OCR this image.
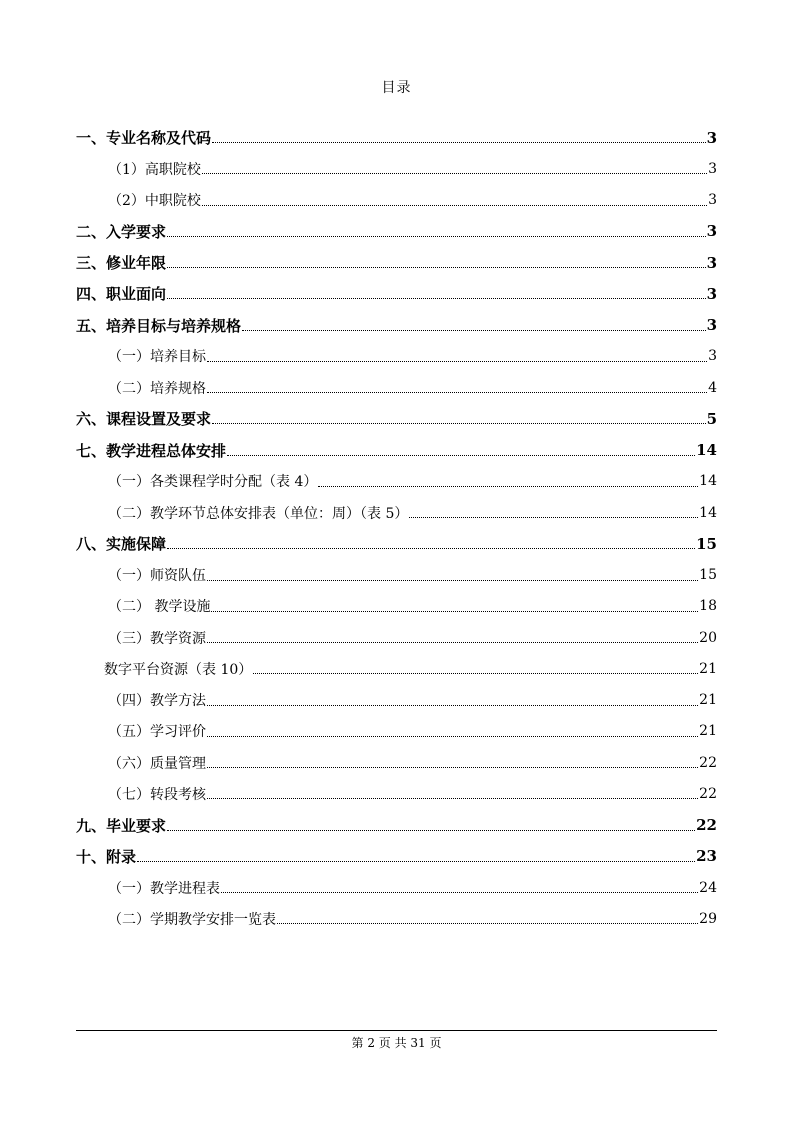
目录
一、专业名称及代码	3
（1）高职院校	3
（2）中职院校	3
二、入学要求	3
三、修业年限	3
四、职业面向	3
五、培养目标与培养规格	3
（一）培养目标	3
（二）培养规格	4
六、课程设置及要求	5
七、教学进程总体安排	14
（一）各类课程学时分配（表 4）	14
（二）教学环节总体安排表（单位：周）（表 5）	14
八、实施保障	15
（一）师资队伍	15
（二） 教学设施	18
（三）教学资源	20
数字平台资源（表 10）	21
（四）教学方法	21
（五）学习评价	21
（六）质量管理	22
（七）转段考核	22
九、毕业要求	22
十、附录	23
（一）教学进程表	24
（二）学期教学安排一览表	29
第 2 页 共 31 页
